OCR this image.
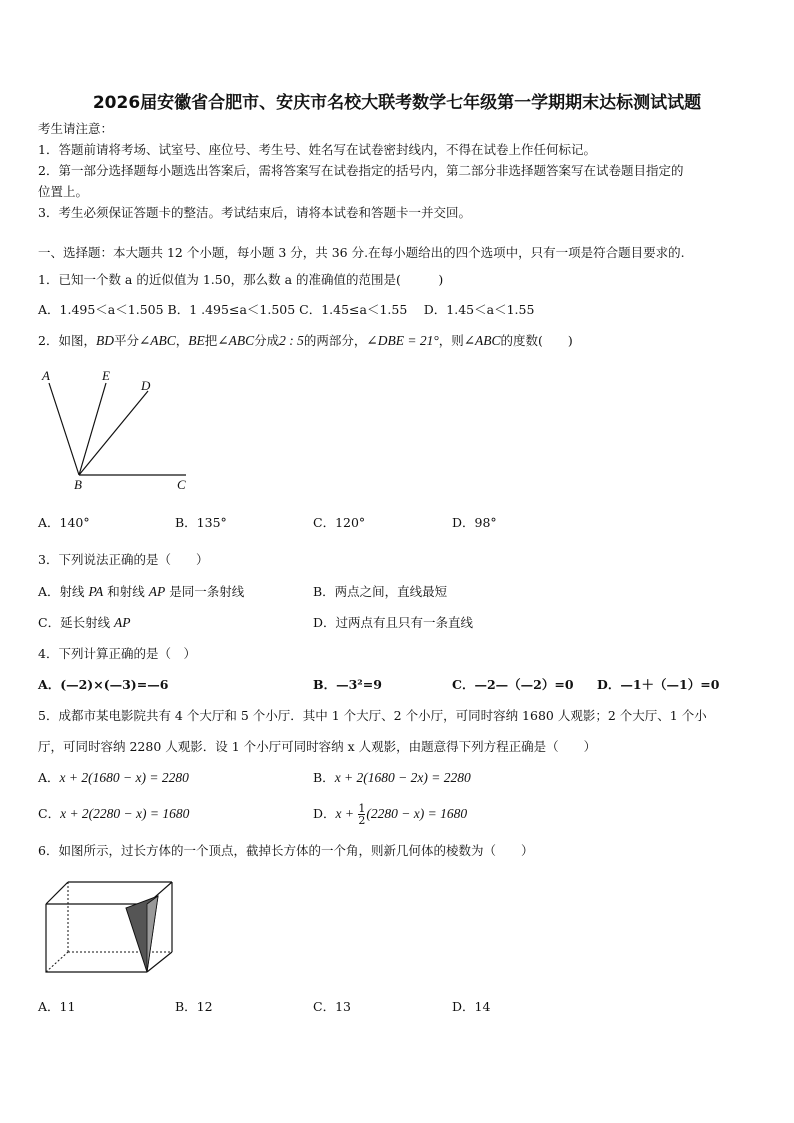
2026届安徽省合肥市、安庆市名校大联考数学七年级第一学期期末达标测试试题
考生请注意：
1．答题前请将考场、试室号、座位号、考生号、姓名写在试卷密封线内，不得在试卷上作任何标记。
2．第一部分选择题每小题选出答案后，需将答案写在试卷指定的括号内，第二部分非选择题答案写在试卷题目指定的
位置上。
3．考生必须保证答题卡的整洁。考试结束后，请将本试卷和答题卡一并交回。
一、选择题：本大题共 12 个小题，每小题 3 分，共 36 分.在每小题给出的四个选项中，只有一项是符合题目要求的.
1．已知一个数 a 的近似值为 1.50，那么数 a 的准确值的范围是(　　　)
A．1.495＜a＜1.505 B．1 .495≤a＜1.505 C．1.45≤a＜1.55　 D．1.45＜a＜1.55
2．如图，BD平分∠ABC，BE把∠ABC分成2 : 5的两部分，∠DBE = 21°，则∠ABC的度数(　　)
A	E
D
B	C
A．140°	B．135°	C．120°	D．98°
3．下列说法正确的是（　　）
A．射线 PA 和射线 AP 是同一条射线	B．两点之间，直线最短
C．延长射线 AP	D．过两点有且只有一条直线
4．下列计算正确的是（　）
A．(—2)×(—3)=—6	B．—3²=9	C．—2—（—2）=0 D．—1＋（—1）=0
5．成都市某电影院共有 4 个大厅和 5 个小厅．其中 1 个大厅、2 个小厅，可同时容纳 1680 人观影；2 个大厅、1 个小
厅，可同时容纳 2280 人观影．设 1 个小厅可同时容纳 x 人观影，由题意得下列方程正确是（　　）
A．x + 2(1680 − x) = 2280	B．x + 2(1680 − 2x) = 2280
C．x + 2(2280 − x) = 1680	D．$x + \frac{1}{2} (2280 - x) = 1680$
6．如图所示，过长方体的一个顶点，截掉长方体的一个角，则新几何体的棱数为（　　）
A．11	B．12	C．13	D．14
